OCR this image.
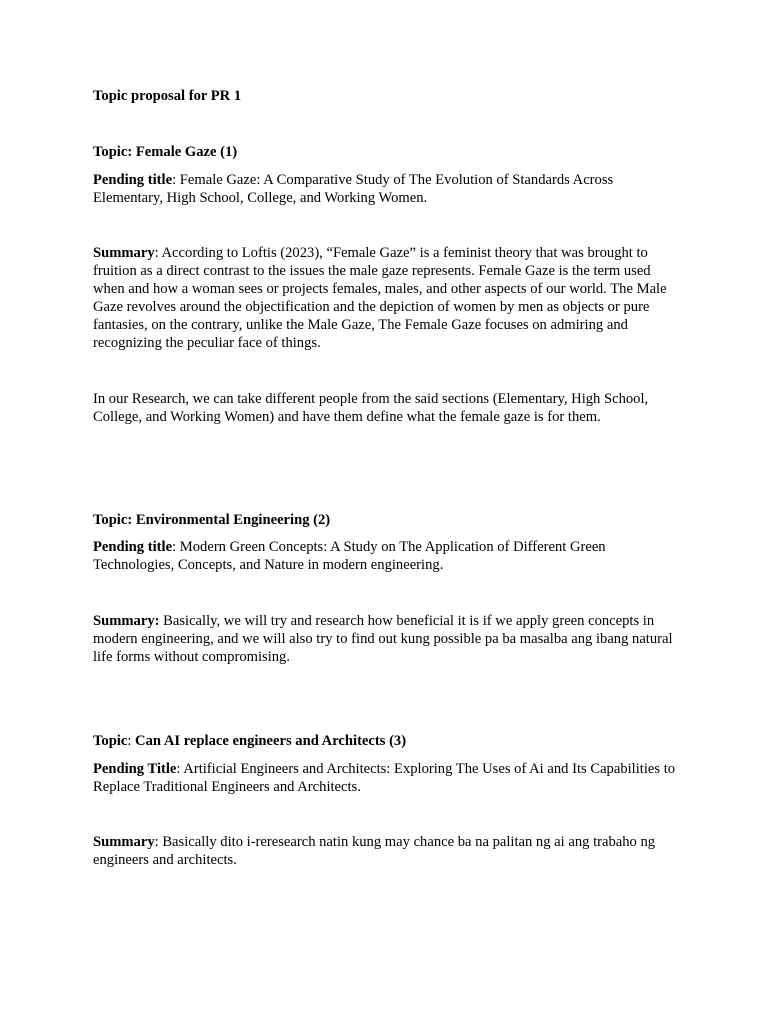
Topic proposal for PR 1

Topic: Female Gaze (1)

Pending title: Female Gaze: A Comparative Study of The Evolution of Standards Across Elementary, High School, College, and Working Women.

Summary: According to Loftis (2023), “Female Gaze” is a feminist theory that was brought to fruition as a direct contrast to the issues the male gaze represents. Female Gaze is the term used when and how a woman sees or projects females, males, and other aspects of our world. The Male Gaze revolves around the objectification and the depiction of women by men as objects or pure fantasies, on the contrary, unlike the Male Gaze, The Female Gaze focuses on admiring and recognizing the peculiar face of things.

In our Research, we can take different people from the said sections (Elementary, High School, College, and Working Women) and have them define what the female gaze is for them.

Topic: Environmental Engineering (2)

Pending title: Modern Green Concepts: A Study on The Application of Different Green Technologies, Concepts, and Nature in modern engineering.

Summary: Basically, we will try and research how beneficial it is if we apply green concepts in modern engineering, and we will also try to find out kung possible pa ba masalba ang ibang natural life forms without compromising.

Topic: Can AI replace engineers and Architects (3)

Pending Title: Artificial Engineers and Architects: Exploring The Uses of Ai and Its Capabilities to Replace Traditional Engineers and Architects.

Summary: Basically dito i-reresearch natin kung may chance ba na palitan ng ai ang trabaho ng engineers and architects.
